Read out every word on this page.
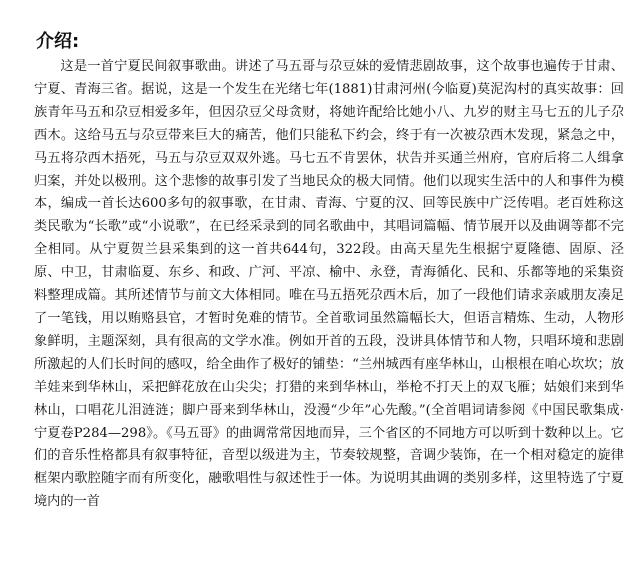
介绍:

这是一首宁夏民间叙事歌曲。讲述了马五哥与尕豆妹的爱情悲剧故事，这个故事也遍传于甘肃、宁夏、青海三省。据说，这是一个发生在光绪七年(1881)甘肃河州(今临夏)莫泥沟村的真实故事：回族青年马五和尕豆相爱多年，但因尕豆父母贪财，将她许配给比她小八、九岁的财主马七五的儿子尕西木。这给马五与尕豆带来巨大的痛苦，他们只能私下约会，终于有一次被尕西木发现，紧急之中，马五将尕西木捂死，马五与尕豆双双外逃。马七五不肯罢休，状告并买通兰州府，官府后将二人缉拿归案，并处以极刑。这个悲惨的故事引发了当地民众的极大同情。他们以现实生活中的人和事件为模本，编成一首长达600多句的叙事歌，在甘肃、青海、宁夏的汉、回等民族中广泛传唱。老百姓称这类民歌为“长歌”或“小说歌”，在已经采录到的同名歌曲中，其唱词篇幅、情节展开以及曲调等都不完全相同。从宁夏贺兰县采集到的这一首共644句，322段。由高天星先生根据宁夏隆德、固原、泾原、中卫，甘肃临夏、东乡、和政、广河、平凉、榆中、永登，青海循化、民和、乐都等地的采集资料整理成篇。其所述情节与前文大体相同。唯在马五捂死尕西木后，加了一段他们请求亲戚朋友凑足了一笔钱，用以贿赂县官，才暂时免难的情节。全首歌词虽然篇幅长大，但语言精炼、生动，人物形象鲜明，主题深刻，具有很高的文学水准。例如开首的五段，没讲具体情节和人物，只唱环境和悲剧所激起的人们长时间的感叹，给全曲作了极好的铺垫：“兰州城西有座华林山，山根根在咱心坎坎；放羊娃来到华林山，采把鲜花放在山尖尖；打猎的来到华林山，举枪不打天上的双飞雁；姑娘们来到华林山，口唱花儿泪涟涟；脚户哥来到华林山，没漫“少年”心先酸。”(全首唱词请参阅《中国民歌集成·宁夏卷P284—298》。《马五哥》的曲调常常因地而异，三个省区的不同地方可以听到十数种以上。它们的音乐性格都具有叙事特征，音型以级进为主，节奏较规整，音调少装饰，在一个相对稳定的旋律框架内歌腔随字而有所变化，融歌唱性与叙述性于一体。为说明其曲调的类别多样，这里特选了宁夏境内的一首
